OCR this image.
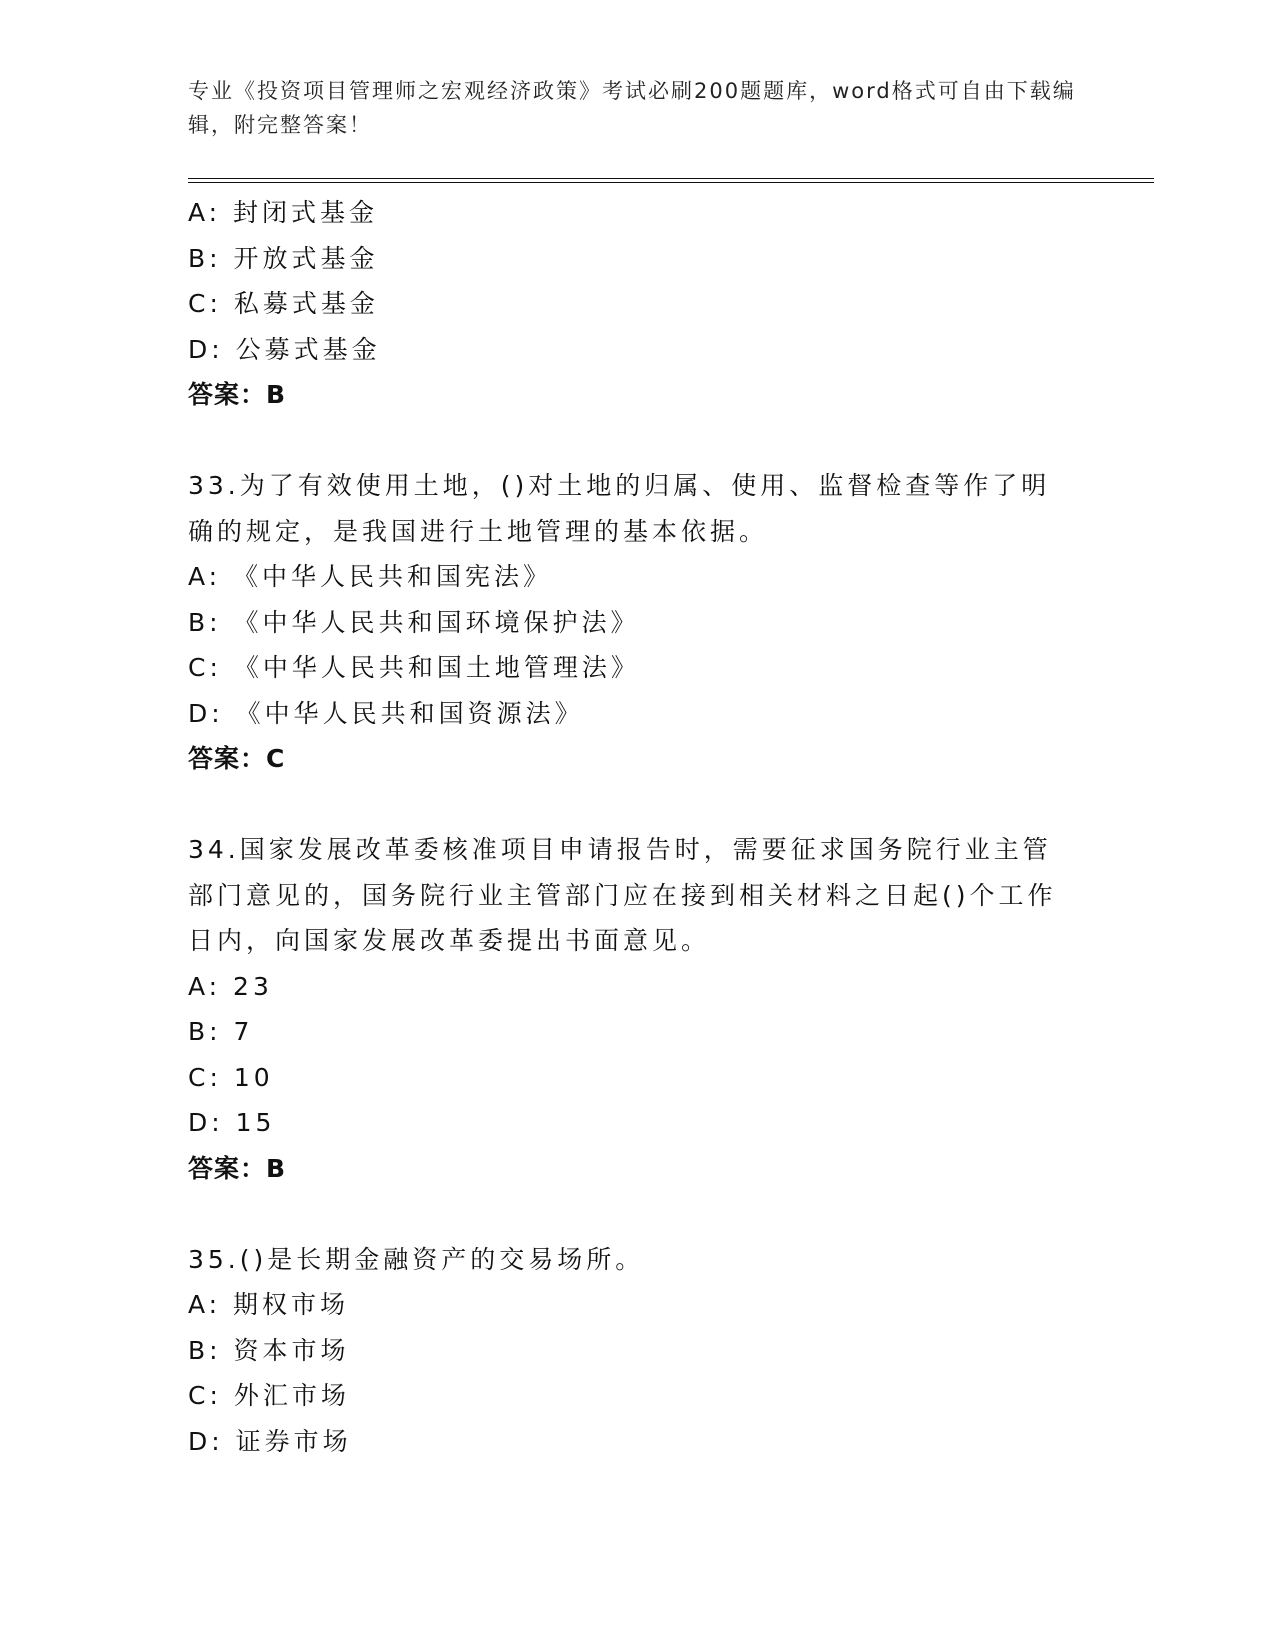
专业《投资项目管理师之宏观经济政策》考试必刷200题题库，word格式可自由下载编辑，附完整答案！
A: 封闭式基金
B: 开放式基金
C: 私募式基金
D: 公募式基金
答案：B
33.为了有效使用土地，()对土地的归属、使用、监督检查等作了明确的规定，是我国进行土地管理的基本依据。
A: 《中华人民共和国宪法》
B: 《中华人民共和国环境保护法》
C: 《中华人民共和国土地管理法》
D: 《中华人民共和国资源法》
答案：C
34.国家发展改革委核准项目申请报告时，需要征求国务院行业主管部门意见的，国务院行业主管部门应在接到相关材料之日起()个工作日内，向国家发展改革委提出书面意见。
A: 23
B: 7
C: 10
D: 15
答案：B
35.()是长期金融资产的交易场所。
A: 期权市场
B: 资本市场
C: 外汇市场
D: 证券市场
